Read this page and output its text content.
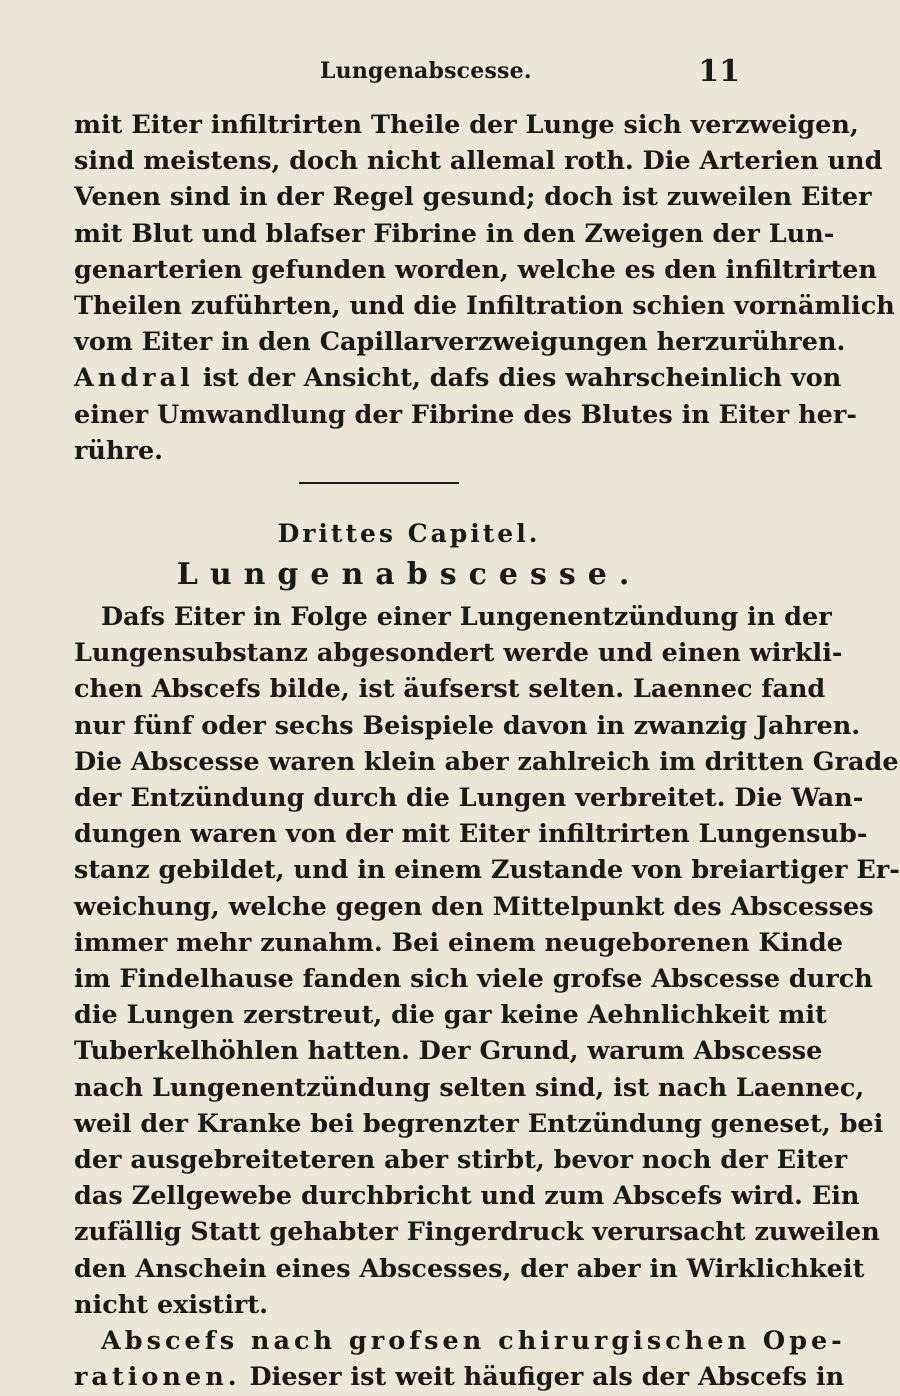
Lungenabscesse.	11
mit Eiter infiltrirten Theile der Lunge sich verzweigen,
sind meistens, doch nicht allemal roth. Die Arterien und
Venen sind in der Regel gesund; doch ist zuweilen Eiter
mit Blut und blafser Fibrine in den Zweigen der Lun-
genarterien gefunden worden, welche es den infiltrirten
Theilen zuführten, und die Infiltration schien vornämlich
vom Eiter in den Capillarverzweigungen herzurühren.
Andral ist der Ansicht, dafs dies wahrscheinlich von
einer Umwandlung der Fibrine des Blutes in Eiter her-
rühre.
Drittes Capitel.
Lungenabscesse.
Dafs Eiter in Folge einer Lungenentzündung in der
Lungensubstanz abgesondert werde und einen wirkli-
chen Abscefs bilde, ist äufserst selten. Laennec fand
nur fünf oder sechs Beispiele davon in zwanzig Jahren.
Die Abscesse waren klein aber zahlreich im dritten Grade
der Entzündung durch die Lungen verbreitet. Die Wan-
dungen waren von der mit Eiter infiltrirten Lungensub-
stanz gebildet, und in einem Zustande von breiartiger Er-
weichung, welche gegen den Mittelpunkt des Abscesses
immer mehr zunahm. Bei einem neugeborenen Kinde
im Findelhause fanden sich viele grofse Abscesse durch
die Lungen zerstreut, die gar keine Aehnlichkeit mit
Tuberkelhöhlen hatten. Der Grund, warum Abscesse
nach Lungenentzündung selten sind, ist nach Laennec,
weil der Kranke bei begrenzter Entzündung geneset, bei
der ausgebreiteteren aber stirbt, bevor noch der Eiter
das Zellgewebe durchbricht und zum Abscefs wird. Ein
zufällig Statt gehabter Fingerdruck verursacht zuweilen
den Anschein eines Abscesses, der aber in Wirklichkeit
nicht existirt.
Abscefs nach grofsen chirurgischen Ope-
rationen. Dieser ist weit häufiger als der Abscefs in
